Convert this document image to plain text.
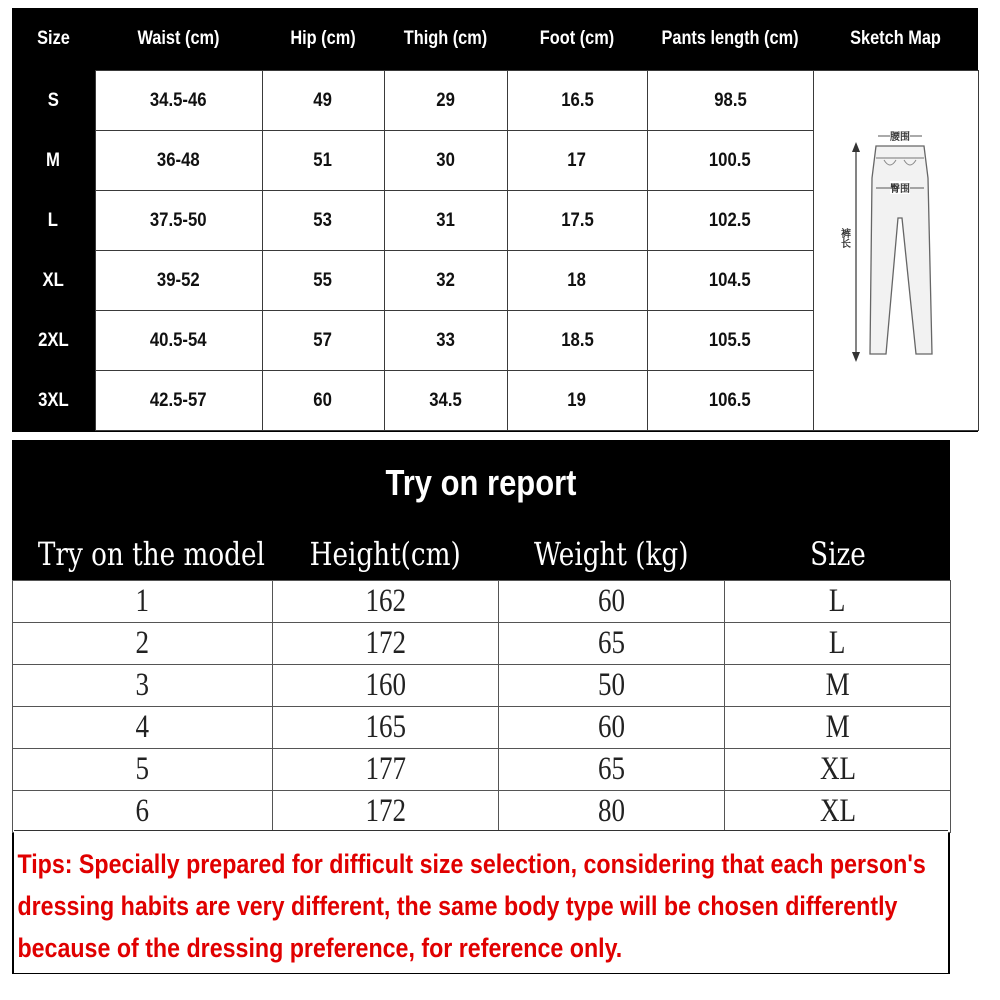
Size	Waist (cm)	Hip (cm)	Thigh (cm)	Foot (cm)	Pants length (cm)	Sketch Map
S	34.5-46	49	29	16.5	98.5	腰围
臀围
裤长

M	36-48	51	30	17	100.5	
L	37.5-50	53	31	17.5	102.5	
XL	39-52	55	32	18	104.5	
2XL	40.5-54	57	33	18.5	105.5	
3XL	42.5-57	60	34.5	19	106.5	
Try on report
Try on the model	Height(cm)	Weight (kg)	Size
1	162	60	L
2	172	65	L
3	160	50	M
4	165	60	M
5	177	65	XL
6	172	80	XL

Tips: Specially prepared for difficult size selection, considering that each person's dressing habits are very different, the same body type will be chosen differently because of the dressing preference, for reference only.
